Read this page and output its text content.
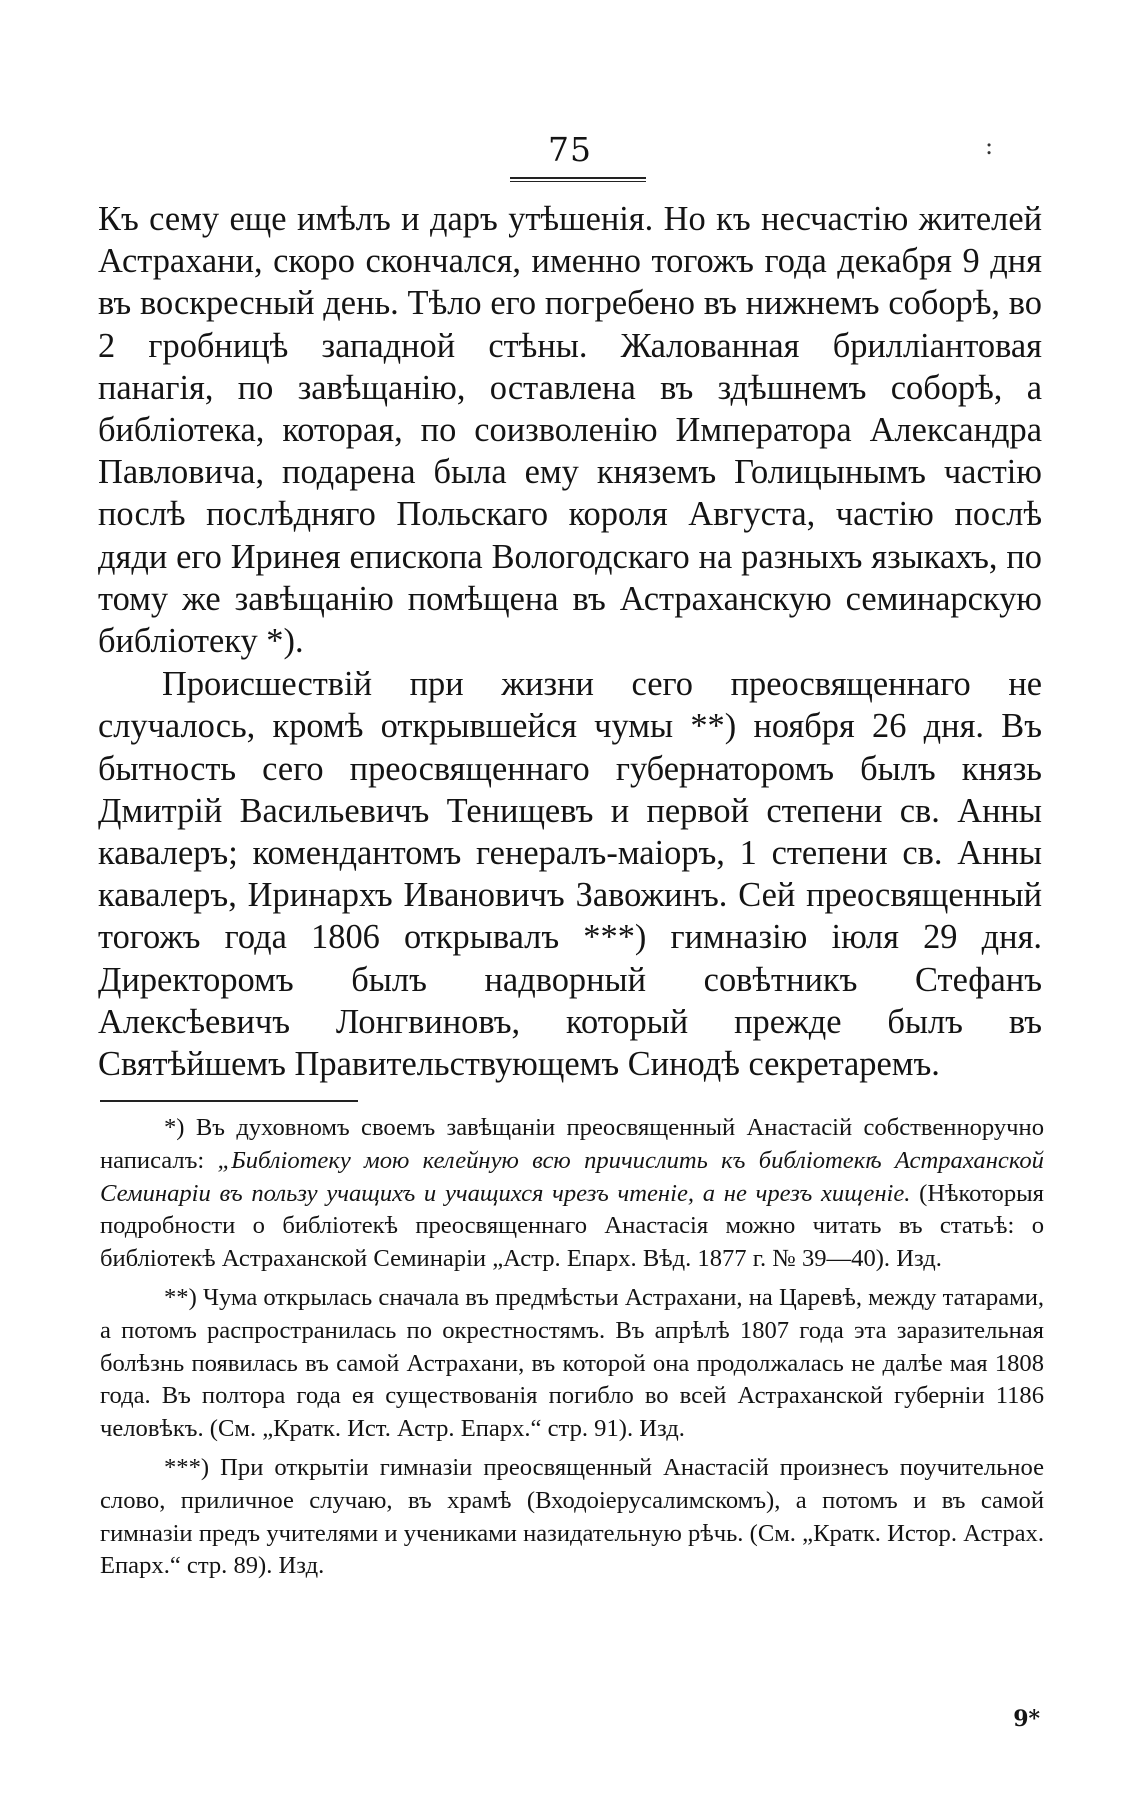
75	:

Къ сему еще имѣлъ и даръ утѣшенія. Но къ несчастію жителей Астрахани, скоро скончался, именно тогожъ года декабря 9 дня въ воскресный день. Тѣло его погребено въ нижнемъ соборѣ, во 2 гробницѣ западной стѣны. Жалованная бриллiантовая панагія, по завѣщанію, оставлена въ здѣшнемъ соборѣ, а библіотека, которая, по соизволенію Императора Александра Павловича, подарена была ему княземъ Голицынымъ частію послѣ послѣдняго Польскаго короля Августа, частію послѣ дяди его Иринея епископа Вологодскаго на разныхъ языкахъ, по тому же завѣщанію помѣщена въ Астраханскую семинарскую библіотеку *).

Происшествій при жизни сего преосвященнаго не случалось, кромѣ открывшейся чумы **) ноября 26 дня. Въ бытность сего преосвященнаго губернаторомъ былъ князь Дмитрій Васильевичъ Тенищевъ и первой степени св. Анны кавалеръ; комендантомъ генералъ-маіоръ, 1 степени св. Анны кавалеръ, Иринархъ Ивановичъ Завожинъ. Сей преосвященный тогожъ года 1806 открывалъ ***) гимназію іюля 29 дня. Директоромъ былъ надворный совѣтникъ Стефанъ Алексѣевичъ Лонгвиновъ, который прежде былъ въ Святѣйшемъ Правительствующемъ Синодѣ секретаремъ.

*) Въ духовномъ своемъ завѣщаніи преосвященный Анастасій собственноручно написалъ: „Библіотеку мою келейную всю причислить къ библіотекѣ Астраханской Семинаріи въ пользу учащихъ и учащихся чрезъ чтеніе, а не чрезъ хищеніе. (Нѣкоторыя подробности о библіотекѣ преосвященнаго Анастасія можно читать въ статьѣ: о библіотекѣ Астраханской Семинаріи „Астр. Епарх. Вѣд. 1877 г. № 39—40). Изд.

**) Чума открылась сначала въ предмѣстьи Астрахани, на Царевѣ, между татарами, а потомъ распространилась по окрестностямъ. Въ апрѣлѣ 1807 года эта заразительная болѣзнь появилась въ самой Астрахани, въ которой она продолжалась не далѣе мая 1808 года. Въ полтора года ея существованія погибло во всей Астраханской губерніи 1186 человѣкъ. (См. „Кратк. Ист. Астр. Епарх.“ стр. 91). Изд.

***) При открытіи гимназіи преосвященный Анастасій произнесъ поучительное слово, приличное случаю, въ храмѣ (Входоіерусалимскомъ), а потомъ и въ самой гимназіи предъ учителями и учениками назидательную рѣчь. (См. „Кратк. Истор. Астрах. Епарх.“ стр. 89). Изд.

9*
